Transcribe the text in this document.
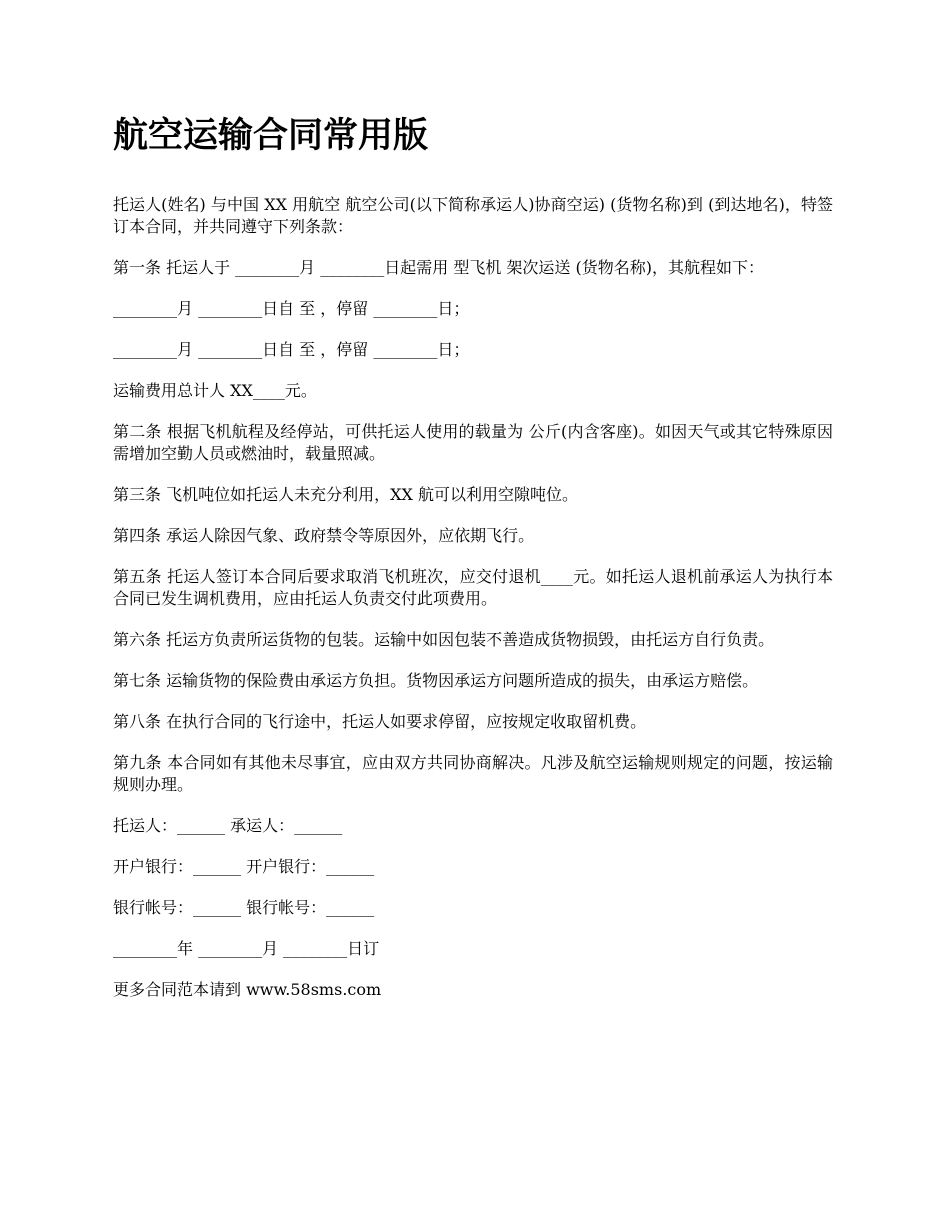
航空运输合同常用版

托运人(姓名) 与中国 XX 用航空 航空公司(以下简称承运人)协商空运) (货物名称)到 (到达地名)，特签订本合同，并共同遵守下列条款：

第一条 托运人于 ________月 ________日起需用 型飞机 架次运送 (货物名称)，其航程如下：

________月 ________日自 至 ，停留 ________日；

________月 ________日自 至 ，停留 ________日；

运输费用总计人 XX____元。

第二条 根据飞机航程及经停站，可供托运人使用的载量为 公斤(内含客座)。如因天气或其它特殊原因需增加空勤人员或燃油时，载量照减。

第三条 飞机吨位如托运人未充分利用，XX 航可以利用空隙吨位。

第四条 承运人除因气象、政府禁令等原因外，应依期飞行。

第五条 托运人签订本合同后要求取消飞机班次，应交付退机____元。如托运人退机前承运人为执行本合同已发生调机费用，应由托运人负责交付此项费用。

第六条 托运方负责所运货物的包装。运输中如因包装不善造成货物损毁，由托运方自行负责。

第七条 运输货物的保险费由承运方负担。货物因承运方问题所造成的损失，由承运方赔偿。

第八条 在执行合同的飞行途中，托运人如要求停留，应按规定收取留机费。

第九条 本合同如有其他未尽事宜，应由双方共同协商解决。凡涉及航空运输规则规定的问题，按运输规则办理。

托运人：______ 承运人：______

开户银行：______ 开户银行：______

银行帐号：______ 银行帐号：______

________年 ________月 ________日订

更多合同范本请到 www.58sms.com
